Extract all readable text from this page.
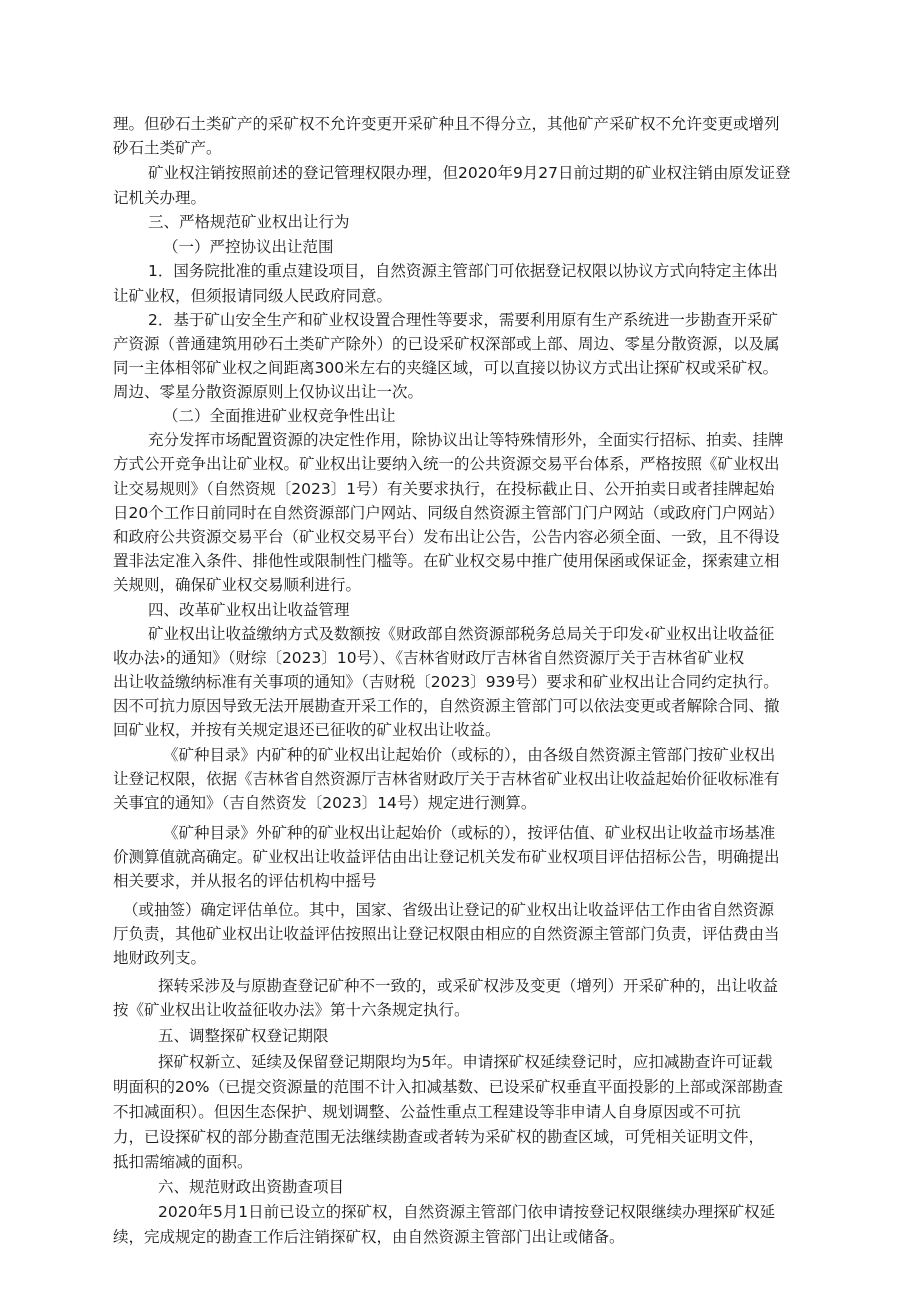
理。但砂石土类矿产的采矿权不允许变更开采矿种且不得分立，其他矿产采矿权不允许变更或增列
砂石土类矿产。
矿业权注销按照前述的登记管理权限办理，但2020年9月27日前过期的矿业权注销由原发证登
记机关办理。
三、严格规范矿业权出让行为
（一）严控协议出让范围
1．国务院批准的重点建设项目，自然资源主管部门可依据登记权限以协议方式向特定主体出
让矿业权，但须报请同级人民政府同意。
2．基于矿山安全生产和矿业权设置合理性等要求，需要利用原有生产系统进一步勘查开采矿
产资源（普通建筑用砂石土类矿产除外）的已设采矿权深部或上部、周边、零星分散资源，以及属
同一主体相邻矿业权之间距离300米左右的夹缝区域，可以直接以协议方式出让探矿权或采矿权。
周边、零星分散资源原则上仅协议出让一次。
（二）全面推进矿业权竞争性出让
充分发挥市场配置资源的决定性作用，除协议出让等特殊情形外，全面实行招标、拍卖、挂牌
方式公开竞争出让矿业权。矿业权出让要纳入统一的公共资源交易平台体系，严格按照《矿业权出
让交易规则》（自然资规〔2023〕1号）有关要求执行，在投标截止日、公开拍卖日或者挂牌起始
日20个工作日前同时在自然资源部门户网站、同级自然资源主管部门门户网站（或政府门户网站）
和政府公共资源交易平台（矿业权交易平台）发布出让公告，公告内容必须全面、一致，且不得设
置非法定准入条件、排他性或限制性门槛等。在矿业权交易中推广使用保函或保证金，探索建立相
关规则，确保矿业权交易顺利进行。
四、改革矿业权出让收益管理
矿业权出让收益缴纳方式及数额按《财政部自然资源部税务总局关于印发‹矿业权出让收益征
收办法›的通知》（财综〔2023〕10号）、《吉林省财政厅吉林省自然资源厅关于吉林省矿业权
出让收益缴纳标准有关事项的通知》（吉财税〔2023〕939号）要求和矿业权出让合同约定执行。
因不可抗力原因导致无法开展勘查开采工作的，自然资源主管部门可以依法变更或者解除合同、撤
回矿业权，并按有关规定退还已征收的矿业权出让收益。
《矿种目录》内矿种的矿业权出让起始价（或标的），由各级自然资源主管部门按矿业权出
让登记权限，依据《吉林省自然资源厅吉林省财政厅关于吉林省矿业权出让收益起始价征收标准有
关事宜的通知》（吉自然资发〔2023〕14号）规定进行测算。
《矿种目录》外矿种的矿业权出让起始价（或标的），按评估值、矿业权出让收益市场基准
价测算值就高确定。矿业权出让收益评估由出让登记机关发布矿业权项目评估招标公告，明确提出
相关要求，并从报名的评估机构中摇号
（或抽签）确定评估单位。其中，国家、省级出让登记的矿业权出让收益评估工作由省自然资源
厅负责，其他矿业权出让收益评估按照出让登记权限由相应的自然资源主管部门负责，评估费由当
地财政列支。
探转采涉及与原勘查登记矿种不一致的，或采矿权涉及变更（增列）开采矿种的，出让收益
按《矿业权出让收益征收办法》第十六条规定执行。
五、调整探矿权登记期限
探矿权新立、延续及保留登记期限均为5年。申请探矿权延续登记时，应扣减勘查许可证载
明面积的20%（已提交资源量的范围不计入扣减基数、已设采矿权垂直平面投影的上部或深部勘查
不扣减面积）。但因生态保护、规划调整、公益性重点工程建设等非申请人自身原因或不可抗
力，已设探矿权的部分勘查范围无法继续勘查或者转为采矿权的勘查区域，可凭相关证明文件，
抵扣需缩减的面积。
六、规范财政出资勘查项目
2020年5月1日前已设立的探矿权，自然资源主管部门依申请按登记权限继续办理探矿权延
续，完成规定的勘查工作后注销探矿权，由自然资源主管部门出让或储备。
